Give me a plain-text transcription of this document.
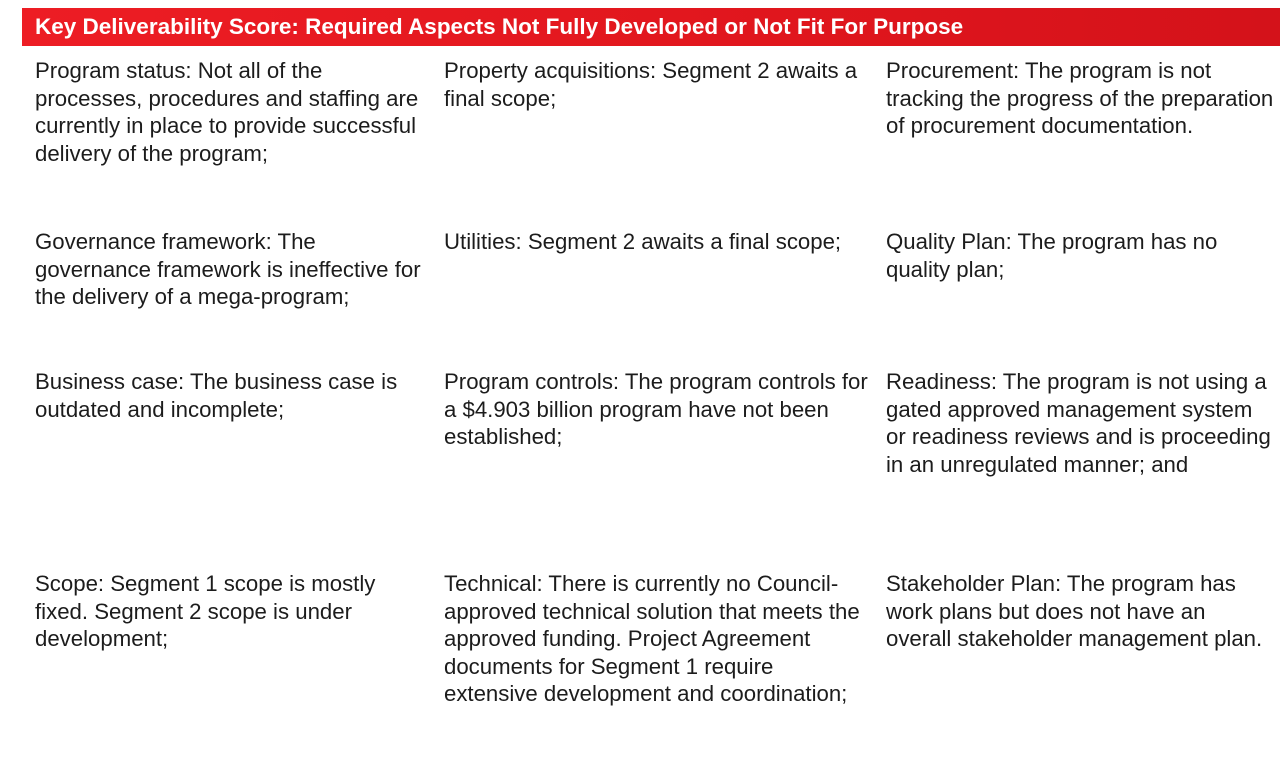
Key Deliverability Score: Required Aspects Not Fully Developed or Not Fit For Purpose
Program status: Not all of the processes, procedures and staffing are currently in place to provide successful delivery of the program;
Property acquisitions: Segment 2 awaits a final scope;
Procurement: The program is not tracking the progress of the preparation of procurement documentation.
Governance framework: The governance framework is ineffective for the delivery of a mega-program;
Utilities: Segment 2 awaits a final scope;	Quality Plan: The program has no quality plan;
Business case: The business case is outdated and incomplete;
Program controls: The program controls for a $4.903 billion program have not been established;
Readiness: The program is not using a gated approved management system or readiness reviews and is proceeding in an unregulated manner; and
Scope: Segment 1 scope is mostly fixed. Segment 2 scope is under development;
Technical: There is currently no Council-approved technical solution that meets the approved funding. Project Agreement documents for Segment 1 require extensive development and coordination;
Stakeholder Plan: The program has work plans but does not have an overall stakeholder management plan.
